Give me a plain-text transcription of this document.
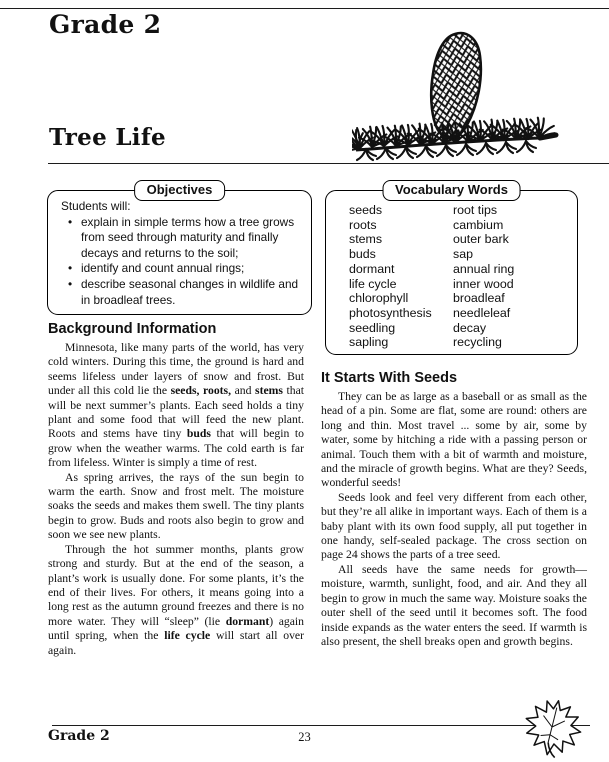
Grade 2
Tree Life
Objectives

Students will:

•
explain in simple terms how a tree grows from seed through maturity and finally decays and returns to the soil;
•
identify and count annual rings;
•
describe seasonal changes in wildlife and in broadleaf trees.
Vocabulary Words
seeds
roots
stems
buds
dormant
life cycle
chlorophyll
photosynthesis
seedling
sapling
root tips
cambium
outer bark
sap
annual ring
inner wood
broadleaf
needleleaf
decay
recycling
Background Information

Minnesota, like many parts of the world, has very cold winters. During this time, the ground is hard and seems lifeless under layers of snow and frost. But under all this cold lie the seeds, roots, and stems that will be next summer’s plants. Each seed holds a tiny plant and some food that will feed the new plant. Roots and stems have tiny buds that will begin to grow when the weather warms. The cold earth is far from lifeless. Winter is simply a time of rest.

As spring arrives, the rays of the sun begin to warm the earth. Snow and frost melt. The moisture soaks the seeds and makes them swell. The tiny plants begin to grow. Buds and roots also begin to grow and soon we see new plants.

Through the hot summer months, plants grow strong and sturdy. But at the end of the season, a plant’s work is usually done. For some plants, it’s the end of their lives. For others, it means going into a long rest as the autumn ground freezes and there is no more water. They will “sleep” (lie dormant) again until spring, when the life cycle will start all over again.

It Starts With Seeds

They can be as large as a baseball or as small as the head of a pin. Some are flat, some are round: others are long and thin. Most travel ... some by air, some by water, some by hitching a ride with a passing person or animal. Touch them with a bit of warmth and moisture, and the miracle of growth begins. What are they? Seeds, wonderful seeds!

Seeds look and feel very different from each other, but they’re all alike in important ways. Each of them is a baby plant with its own food supply, all put together in one handy, self-sealed package. The cross section on page 24 shows the parts of a tree seed.

All seeds have the same needs for growth—moisture, warmth, sunlight, food, and air. And they all begin to grow in much the same way. Moisture soaks the outer shell of the seed until it becomes soft. The food inside expands as the water enters the seed. If warmth is also present, the shell breaks open and growth begins.

Grade 2	23
